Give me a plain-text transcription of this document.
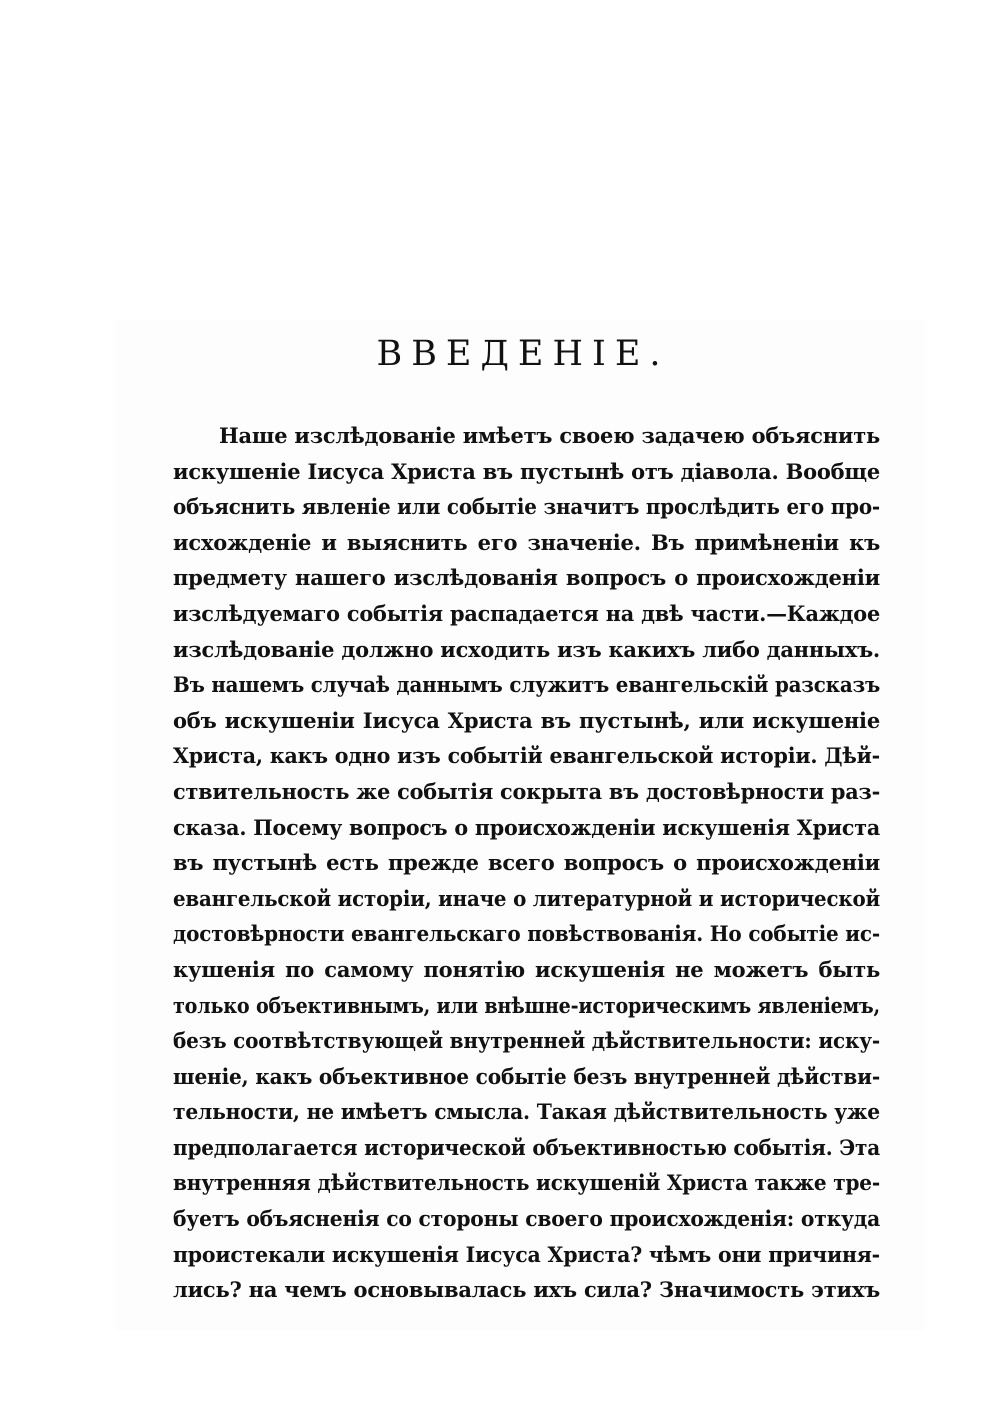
ВВЕДЕНІЕ.
Наше изслѣдованіе имѣетъ своею задачею объяснить
искушеніе Іисуса Христа въ пустынѣ отъ діавола. Вообще
объяснить явленіе или событіе значитъ прослѣдить его про-
исхожденіе и выяснить его значеніе. Въ примѣненіи къ
предмету нашего изслѣдованія вопросъ о происхожденіи
изслѣдуемаго событія распадается на двѣ части.—Каждое
изслѣдованіе должно исходить изъ какихъ либо данныхъ.
Въ нашемъ случаѣ даннымъ служитъ евангельскій разсказъ
объ искушеніи Іисуса Христа въ пустынѣ, или искушеніе
Христа, какъ одно изъ событій евангельской исторіи. Дѣй-
ствительность же событія сокрыта въ достовѣрности раз-
сказа. Посему вопросъ о происхожденіи искушенія Христа
въ пустынѣ есть прежде всего вопросъ о происхожденіи
евангельской исторіи, иначе о литературной и исторической
достовѣрности евангельскаго повѣствованія. Но событіе ис-
кушенія по самому понятію искушенія не можетъ быть
только объективнымъ, или внѣшне-историческимъ явленіемъ,
безъ соотвѣтствующей внутренней дѣйствительности: иску-
шеніе, какъ объективное событіе безъ внутренней дѣйстви-
тельности, не имѣетъ смысла. Такая дѣйствительность уже
предполагается исторической объективностью событія. Эта
внутренняя дѣйствительность искушеній Христа также тре-
буетъ объясненія со стороны своего происхожденія: откуда
проистекали искушенія Іисуса Христа? чѣмъ они причиня-
лись? на чемъ основывалась ихъ сила? Значимость этихъ
